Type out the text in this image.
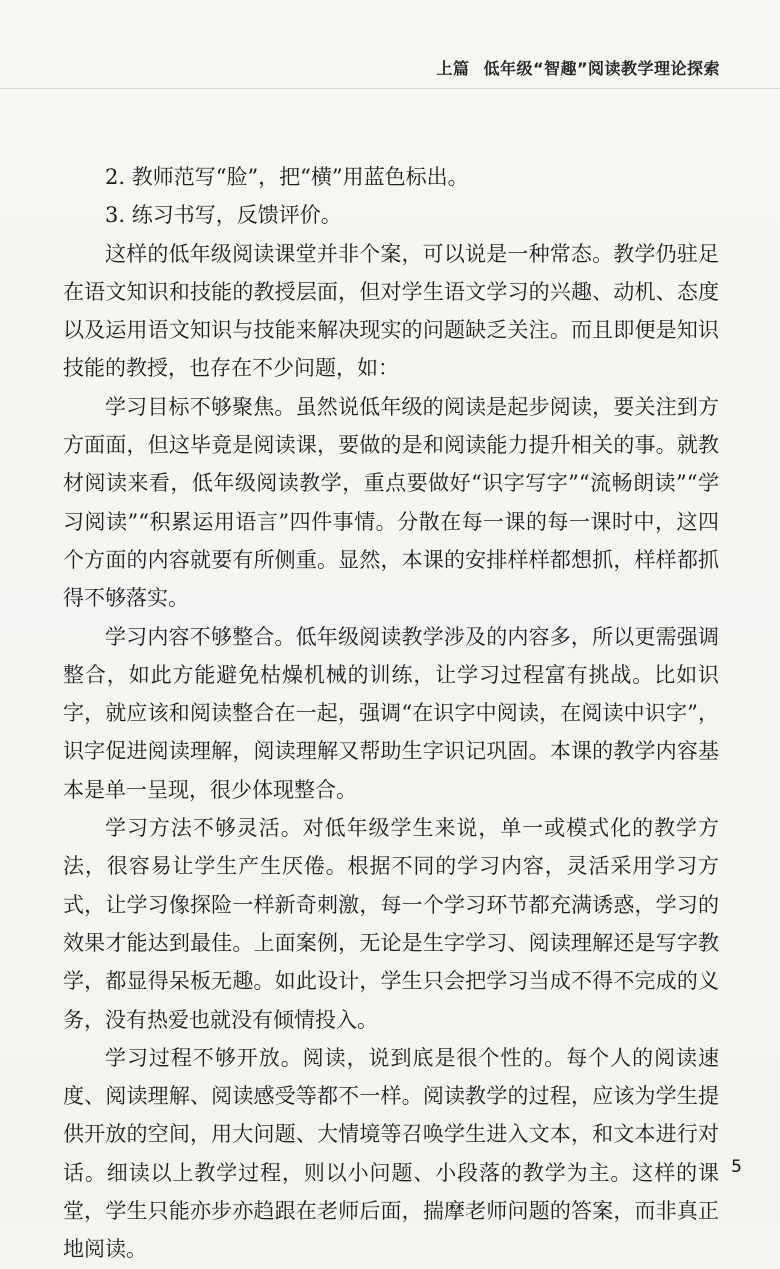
上篇 低年级“智趣”阅读教学理论探索

2. 教师范写“脸”，把“横”用蓝色标出。

3. 练习书写，反馈评价。

这样的低年级阅读课堂并非个案，可以说是一种常态。教学仍驻足在语文知识和技能的教授层面，但对学生语文学习的兴趣、动机、态度以及运用语文知识与技能来解决现实的问题缺乏关注。而且即便是知识技能的教授，也存在不少问题，如：

学习目标不够聚焦。虽然说低年级的阅读是起步阅读，要关注到方方面面，但这毕竟是阅读课，要做的是和阅读能力提升相关的事。就教材阅读来看，低年级阅读教学，重点要做好“识字写字”“流畅朗读”“学习阅读”“积累运用语言”四件事情。分散在每一课的每一课时中，这四个方面的内容就要有所侧重。显然，本课的安排样样都想抓，样样都抓得不够落实。

学习内容不够整合。低年级阅读教学涉及的内容多，所以更需强调整合，如此方能避免枯燥机械的训练，让学习过程富有挑战。比如识字，就应该和阅读整合在一起，强调“在识字中阅读，在阅读中识字”，识字促进阅读理解，阅读理解又帮助生字识记巩固。本课的教学内容基本是单一呈现，很少体现整合。

学习方法不够灵活。对低年级学生来说，单一或模式化的教学方法，很容易让学生产生厌倦。根据不同的学习内容，灵活采用学习方式，让学习像探险一样新奇刺激，每一个学习环节都充满诱惑，学习的效果才能达到最佳。上面案例，无论是生字学习、阅读理解还是写字教学，都显得呆板无趣。如此设计，学生只会把学习当成不得不完成的义务，没有热爱也就没有倾情投入。

学习过程不够开放。阅读，说到底是很个性的。每个人的阅读速度、阅读理解、阅读感受等都不一样。阅读教学的过程，应该为学生提供开放的空间，用大问题、大情境等召唤学生进入文本，和文本进行对话。细读以上教学过程，则以小问题、小段落的教学为主。这样的课堂，学生只能亦步亦趋跟在老师后面，揣摩老师问题的答案，而非真正地阅读。

5
